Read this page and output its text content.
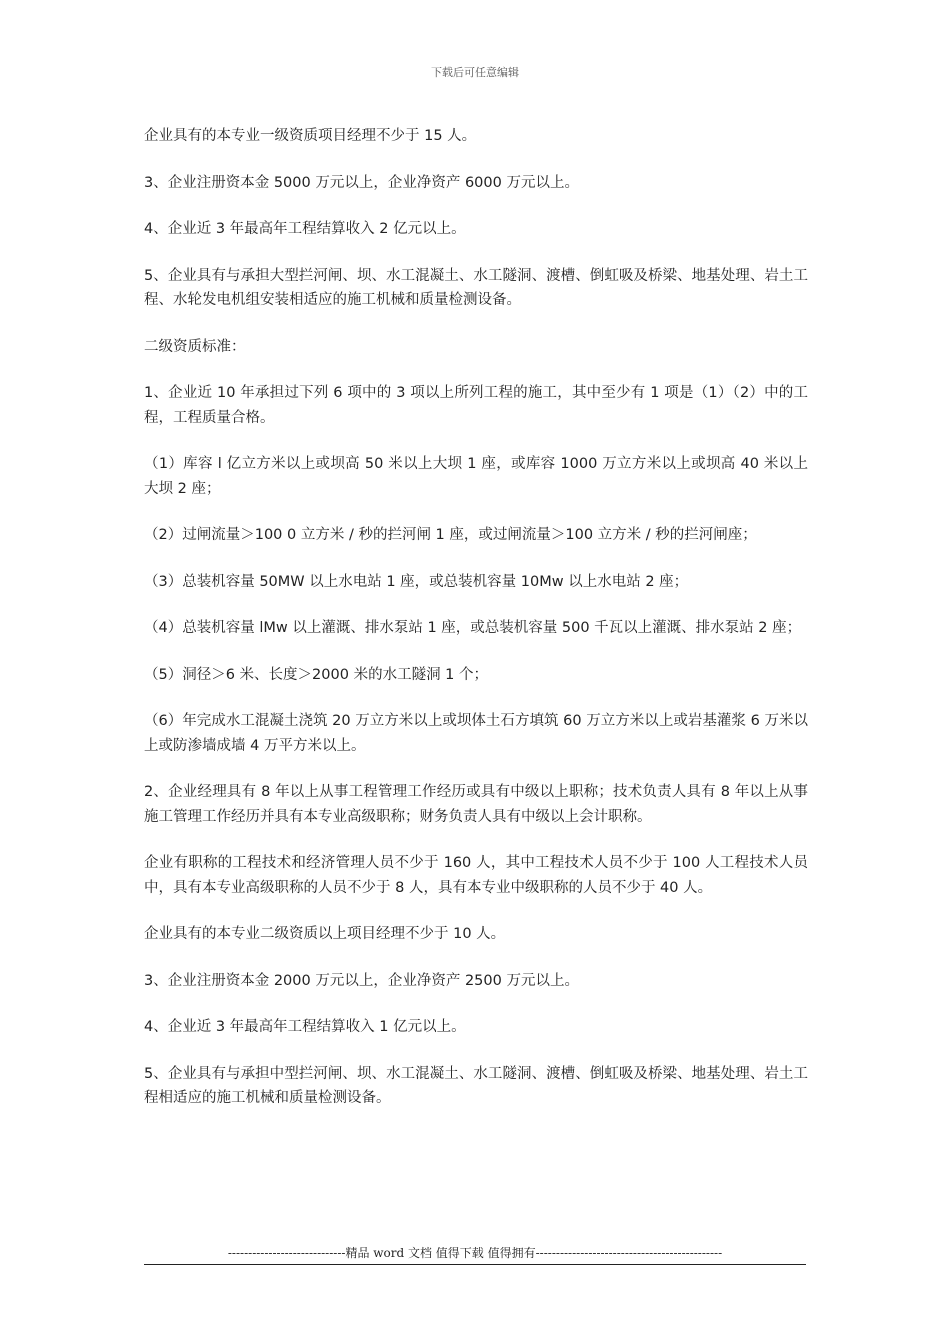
下载后可任意编辑

企业具有的本专业一级资质项目经理不少于 15 人。

3、企业注册资本金 5000 万元以上，企业净资产 6000 万元以上。

4、企业近 3 年最高年工程结算收入 2 亿元以上。

5、企业具有与承担大型拦河闸、坝、水工混凝土、水工隧洞、渡槽、倒虹吸及桥梁、地基处理、岩土工程、水轮发电机组安装相适应的施工机械和质量检测设备。

二级资质标准：

1、企业近 10 年承担过下列 6 项中的 3 项以上所列工程的施工，其中至少有 1 项是（1）（2）中的工程，工程质量合格。

（1）库容 l 亿立方米以上或坝高 50 米以上大坝 1 座，或库容 1000 万立方米以上或坝高 40 米以上大坝 2 座；

（2）过闸流量＞100 0 立方米 / 秒的拦河闸 1 座，或过闸流量＞100 立方米 / 秒的拦河闸座；

（3）总装机容量 50MW 以上水电站 1 座，或总装机容量 10Mw 以上水电站 2 座；

（4）总装机容量 lMw 以上灌溉、排水泵站 1 座，或总装机容量 500 千瓦以上灌溉、排水泵站 2 座；

（5）洞径＞6 米、长度＞2000 米的水工隧洞 1 个；

（6）年完成水工混凝土浇筑 20 万立方米以上或坝体土石方填筑 60 万立方米以上或岩基灌浆 6 万米以上或防渗墙成墙 4 万平方米以上。

2、企业经理具有 8 年以上从事工程管理工作经历或具有中级以上职称；技术负责人具有 8 年以上从事施工管理工作经历并具有本专业高级职称；财务负责人具有中级以上会计职称。

企业有职称的工程技术和经济管理人员不少于 160 人，其中工程技术人员不少于 100 人工程技术人员中，具有本专业高级职称的人员不少于 8 人，具有本专业中级职称的人员不少于 40 人。

企业具有的本专业二级资质以上项目经理不少于 10 人。

3、企业注册资本金 2000 万元以上，企业净资产 2500 万元以上。

4、企业近 3 年最高年工程结算收入 1 亿元以上。

5、企业具有与承担中型拦河闸、坝、水工混凝土、水工隧洞、渡槽、倒虹吸及桥梁、地基处理、岩土工程相适应的施工机械和质量检测设备。

-----------------------------精品 word 文档 值得下载 值得拥有----------------------------------------------
